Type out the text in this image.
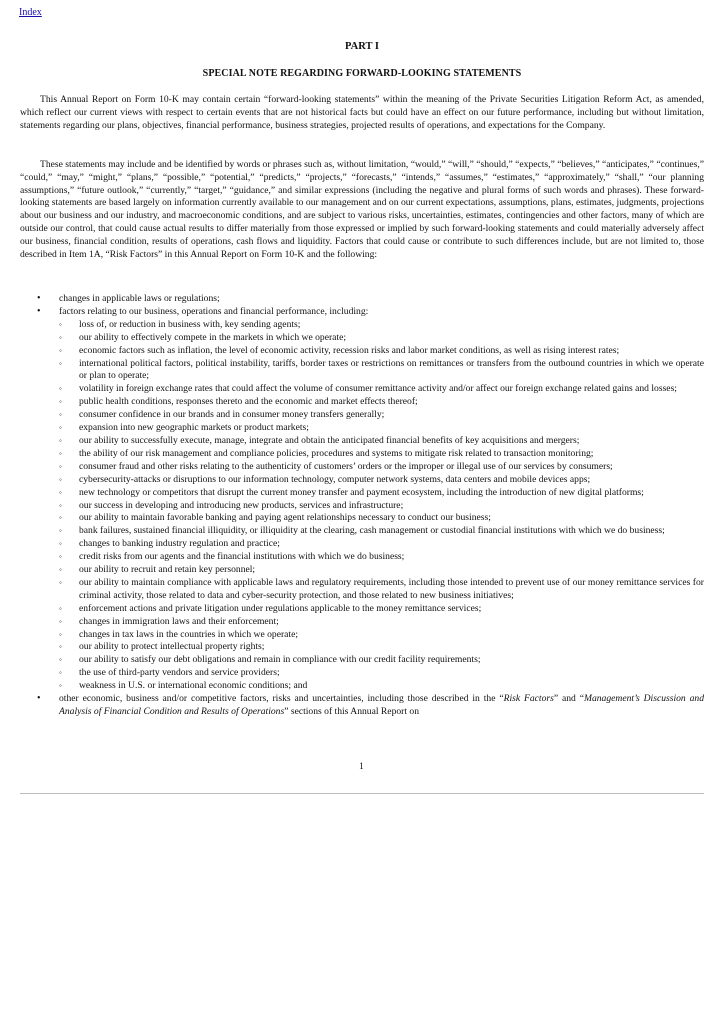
Index
PART I
SPECIAL NOTE REGARDING FORWARD-LOOKING STATEMENTS

This Annual Report on Form 10-K may contain certain “forward-looking statements” within the meaning of the Private Securities Litigation Reform Act, as amended, which reflect our current views with respect to certain events that are not historical facts but could have an effect on our future performance, including but without limitation, statements regarding our plans, objectives, financial performance, business strategies, projected results of operations, and expectations for the Company.

These statements may include and be identified by words or phrases such as, without limitation, “would,” “will,” “should,” “expects,” “believes,” “anticipates,” “continues,” “could,” “may,” “might,” “plans,” “possible,” “potential,” “predicts,” “projects,” “forecasts,” “intends,” “assumes,” “estimates,” “approximately,” “shall,” “our planning assumptions,” “future outlook,” “currently,” “target,” “guidance,” and similar expressions (including the negative and plural forms of such words and phrases). These forward-looking statements are based largely on information currently available to our management and on our current expectations, assumptions, plans, estimates, judgments, projections about our business and our industry, and macroeconomic conditions, and are subject to various risks, uncertainties, estimates, contingencies and other factors, many of which are outside our control, that could cause actual results to differ materially from those expressed or implied by such forward-looking statements and could materially adversely affect our business, financial condition, results of operations, cash flows and liquidity. Factors that could cause or contribute to such differences include, but are not limited to, those described in Item 1A, “Risk Factors” in this Annual Report on Form 10-K and the following:

• changes in applicable laws or regulations;
• factors relating to our business, operations and financial performance, including:
◦ loss of, or reduction in business with, key sending agents;
◦ our ability to effectively compete in the markets in which we operate;
◦ economic factors such as inflation, the level of economic activity, recession risks and labor market conditions, as well as rising interest rates;
◦ international political factors, political instability, tariffs, border taxes or restrictions on remittances or transfers from the outbound countries in which we operate or plan to operate;
◦ volatility in foreign exchange rates that could affect the volume of consumer remittance activity and/or affect our foreign exchange related gains and losses;
◦ public health conditions, responses thereto and the economic and market effects thereof;
◦ consumer confidence in our brands and in consumer money transfers generally;
◦ expansion into new geographic markets or product markets;
◦ our ability to successfully execute, manage, integrate and obtain the anticipated financial benefits of key acquisitions and mergers;
◦ the ability of our risk management and compliance policies, procedures and systems to mitigate risk related to transaction monitoring;
◦ consumer fraud and other risks relating to the authenticity of customers’ orders or the improper or illegal use of our services by consumers;
◦ cybersecurity-attacks or disruptions to our information technology, computer network systems, data centers and mobile devices apps;
◦ new technology or competitors that disrupt the current money transfer and payment ecosystem, including the introduction of new digital platforms;
◦ our success in developing and introducing new products, services and infrastructure;
◦ our ability to maintain favorable banking and paying agent relationships necessary to conduct our business;
◦ bank failures, sustained financial illiquidity, or illiquidity at the clearing, cash management or custodial financial institutions with which we do business;
◦ changes to banking industry regulation and practice;
◦ credit risks from our agents and the financial institutions with which we do business;
◦ our ability to recruit and retain key personnel;
◦ our ability to maintain compliance with applicable laws and regulatory requirements, including those intended to prevent use of our money remittance services for criminal activity, those related to data and cyber-security protection, and those related to new business initiatives;
◦ enforcement actions and private litigation under regulations applicable to the money remittance services;
◦ changes in immigration laws and their enforcement;
◦ changes in tax laws in the countries in which we operate;
◦ our ability to protect intellectual property rights;
◦ our ability to satisfy our debt obligations and remain in compliance with our credit facility requirements;
◦ the use of third-party vendors and service providers;
◦ weakness in U.S. or international economic conditions; and
• other economic, business and/or competitive factors, risks and uncertainties, including those described in the “Risk Factors” and “Management’s Discussion and Analysis of Financial Condition and Results of Operations” sections of this Annual Report on
1
